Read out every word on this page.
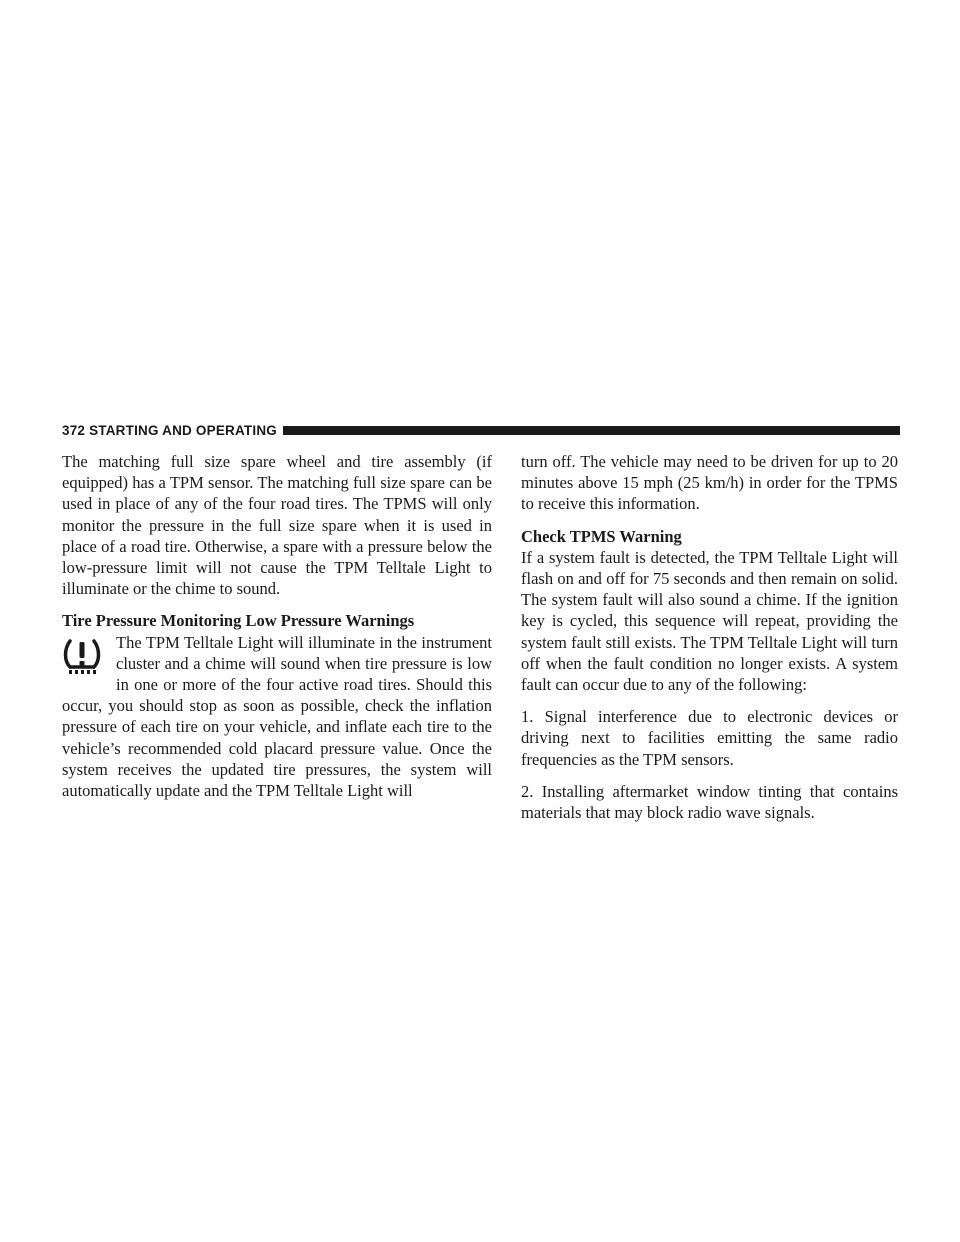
372 STARTING AND OPERATING

The matching full size spare wheel and tire assembly (if equipped) has a TPM sensor. The matching full size spare can be used in place of any of the four road tires. The TPMS will only monitor the pressure in the full size spare when it is used in place of a road tire. Otherwise, a spare with a pressure below the low-pressure limit will not cause the TPM Telltale Light to illuminate or the chime to sound.

Tire Pressure Monitoring Low Pressure Warnings

The TPM Telltale Light will illuminate in the instrument cluster and a chime will sound when tire pressure is low in one or more of the four active road tires. Should this occur, you should stop as soon as possible, check the inflation pressure of each tire on your vehicle, and inflate each tire to the vehicle’s recommended cold placard pressure value. Once the system receives the updated tire pressures, the system will automatically update and the TPM Telltale Light will

turn off. The vehicle may need to be driven for up to 20 minutes above 15 mph (25 km/h) in order for the TPMS to receive this information.

Check TPMS Warning

If a system fault is detected, the TPM Telltale Light will flash on and off for 75 seconds and then remain on solid. The system fault will also sound a chime. If the ignition key is cycled, this sequence will repeat, providing the system fault still exists. The TPM Telltale Light will turn off when the fault condition no longer exists. A system fault can occur due to any of the following:

1. Signal interference due to electronic devices or driving next to facilities emitting the same radio frequencies as the TPM sensors.

2. Installing aftermarket window tinting that contains materials that may block radio wave signals.
